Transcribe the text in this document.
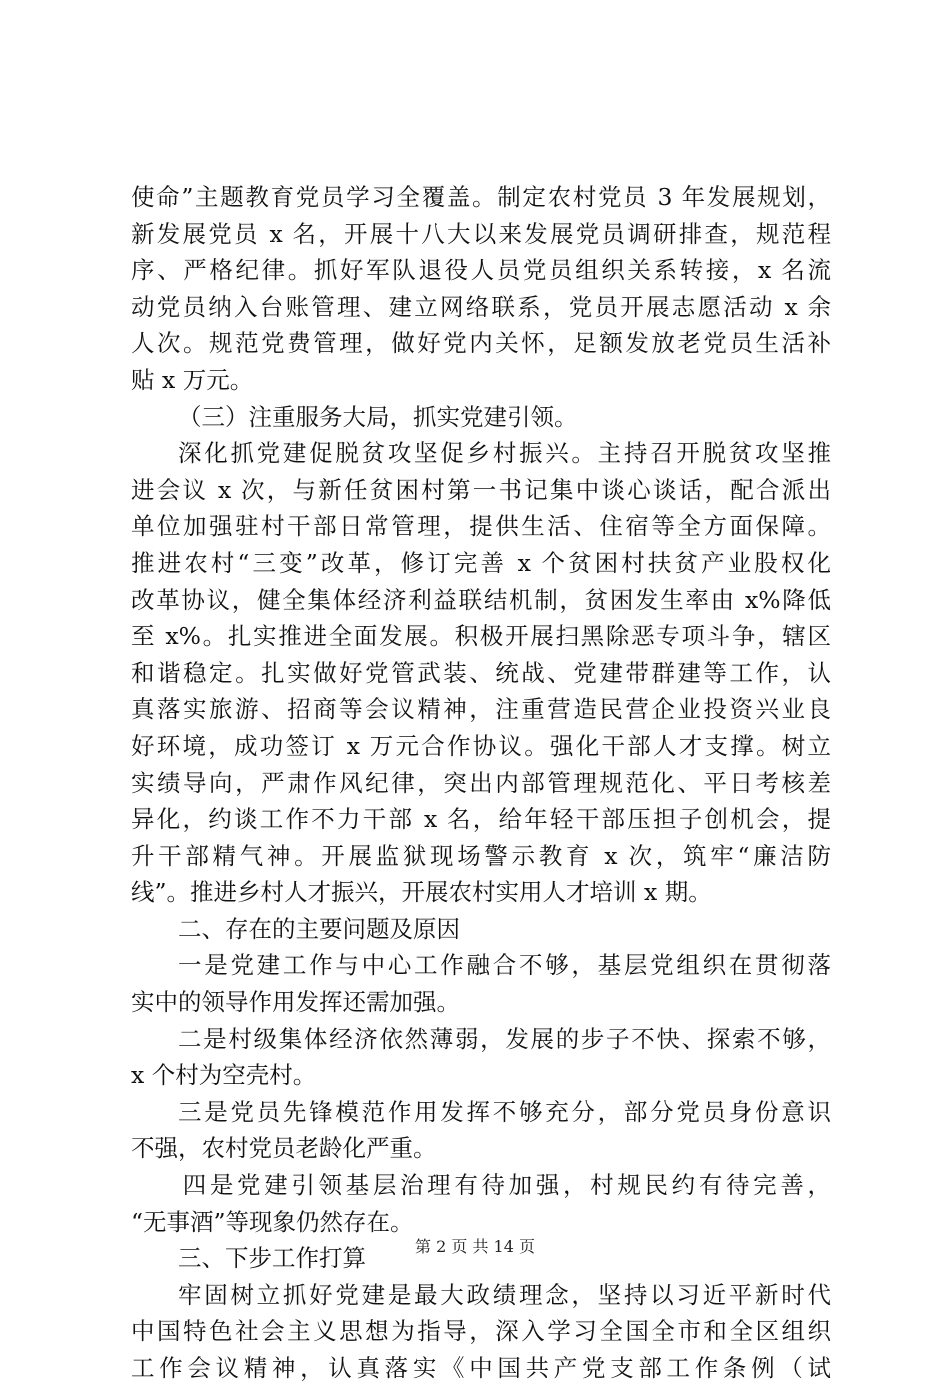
使命”主题教育党员学习全覆盖。制定农村党员 3 年发展规划，
新发展党员 x 名，开展十八大以来发展党员调研排查，规范程
序、严格纪律。抓好军队退役人员党员组织关系转接，x 名流
动党员纳入台账管理、建立网络联系，党员开展志愿活动 x 余
人次。规范党费管理，做好党内关怀，足额发放老党员生活补
贴 x 万元。
（三）注重服务大局，抓实党建引领。
深化抓党建促脱贫攻坚促乡村振兴。主持召开脱贫攻坚推
进会议 x 次，与新任贫困村第一书记集中谈心谈话，配合派出
单位加强驻村干部日常管理，提供生活、住宿等全方面保障。
推进农村“三变”改革，修订完善 x 个贫困村扶贫产业股权化
改革协议，健全集体经济利益联结机制，贫困发生率由 x%降低
至 x%。扎实推进全面发展。积极开展扫黑除恶专项斗争，辖区
和谐稳定。扎实做好党管武装、统战、党建带群建等工作，认
真落实旅游、招商等会议精神，注重营造民营企业投资兴业良
好环境，成功签订 x 万元合作协议。强化干部人才支撑。树立
实绩导向，严肃作风纪律，突出内部管理规范化、平日考核差
异化，约谈工作不力干部 x 名，给年轻干部压担子创机会，提
升干部精气神。开展监狱现场警示教育 x 次，筑牢“廉洁防
线”。推进乡村人才振兴，开展农村实用人才培训 x 期。
二、存在的主要问题及原因
一是党建工作与中心工作融合不够，基层党组织在贯彻落
实中的领导作用发挥还需加强。
二是村级集体经济依然薄弱，发展的步子不快、探索不够，
x 个村为空壳村。
三是党员先锋模范作用发挥不够充分，部分党员身份意识
不强，农村党员老龄化严重。
四是党建引领基层治理有待加强，村规民约有待完善，
“无事酒”等现象仍然存在。
三、下步工作打算
牢固树立抓好党建是最大政绩理念，坚持以习近平新时代
中国特色社会主义思想为指导，深入学习全国全市和全区组织
工作会议精神，认真落实《中国共产党支部工作条例（试
第 2 页 共 14 页
